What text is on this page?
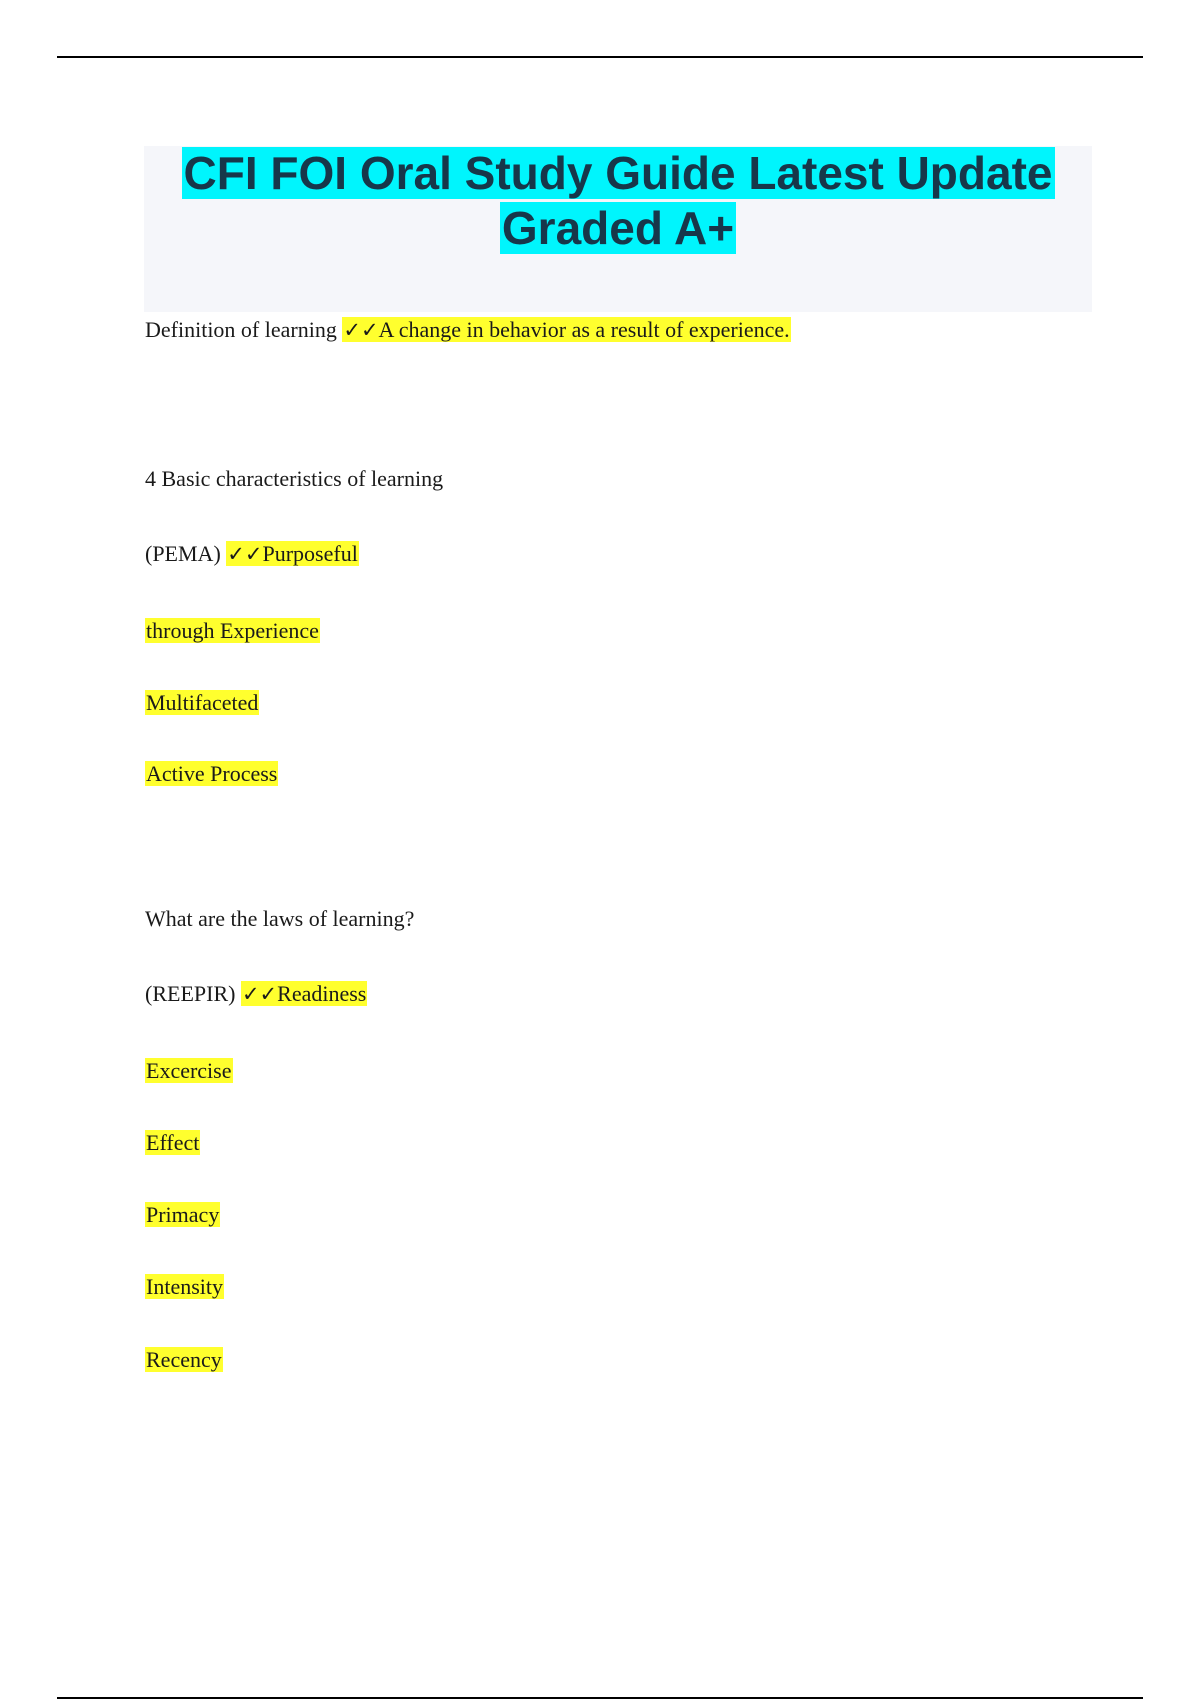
CFI FOI Oral Study Guide Latest Update
Graded A+
Definition of learning ✓✓A change in behavior as a result of experience.
4 Basic characteristics of learning
(PEMA) ✓✓Purposeful
through Experience
Multifaceted
Active Process
What are the laws of learning?
(REEPIR) ✓✓Readiness
Excercise
Effect
Primacy
Intensity
Recency
